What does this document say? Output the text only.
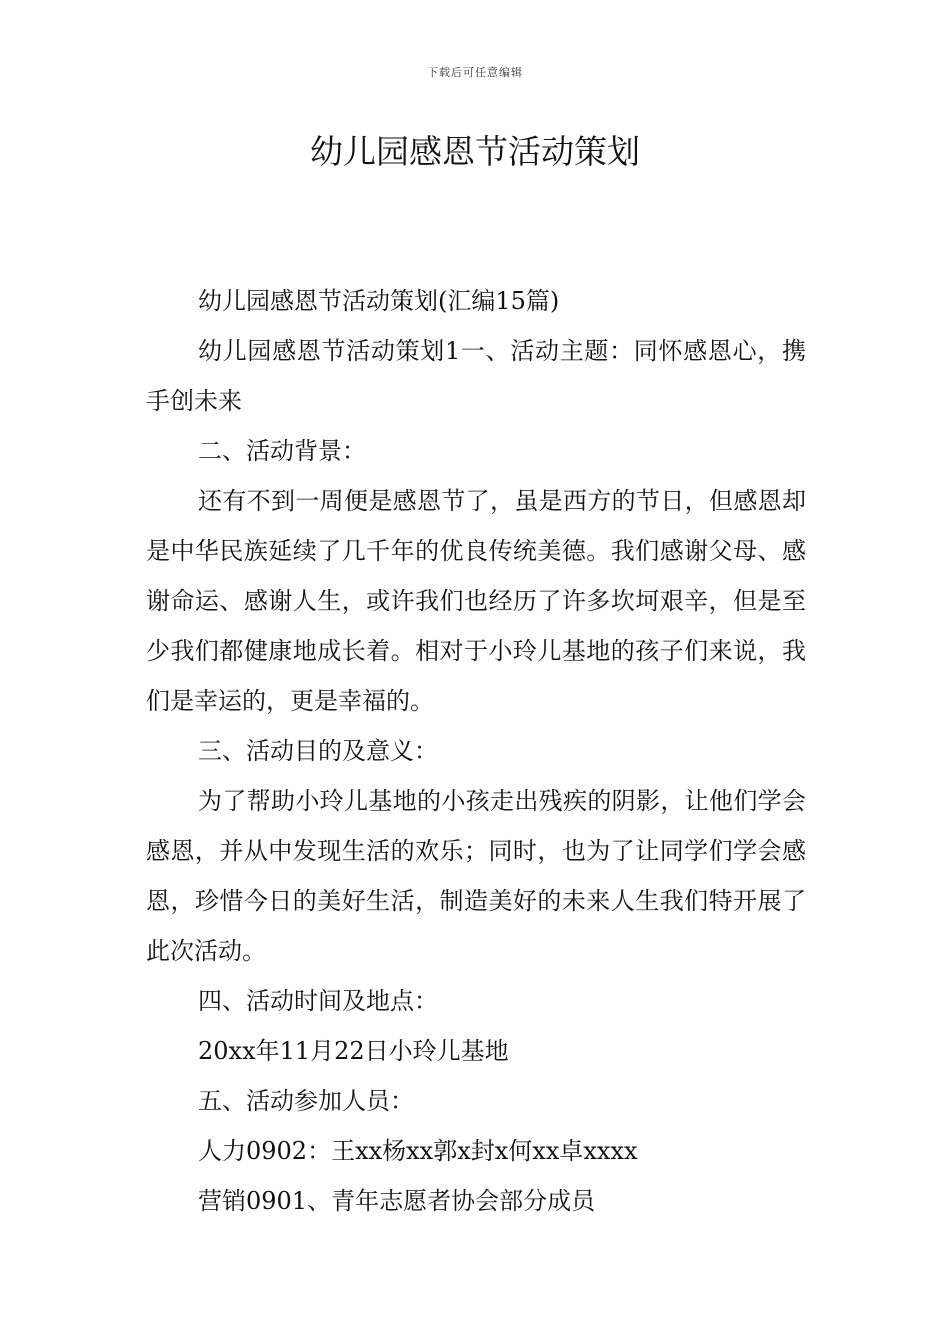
下载后可任意编辑
幼儿园感恩节活动策划

幼儿园感恩节活动策划(汇编15篇)

幼儿园感恩节活动策划1一、活动主题：同怀感恩心，携手创未来

二、活动背景：

还有不到一周便是感恩节了，虽是西方的节日，但感恩却是中华民族延续了几千年的优良传统美德。我们感谢父母、感谢命运、感谢人生，或许我们也经历了许多坎坷艰辛，但是至少我们都健康地成长着。相对于小玲儿基地的孩子们来说，我们是幸运的，更是幸福的。

三、活动目的及意义：

为了帮助小玲儿基地的小孩走出残疾的阴影，让他们学会感恩，并从中发现生活的欢乐；同时，也为了让同学们学会感恩，珍惜今日的美好生活，制造美好的未来人生我们特开展了此次活动。

四、活动时间及地点：

20xx年11月22日小玲儿基地

五、活动参加人员：

人力0902：王xx杨xx郭x封x何xx卓xxxx

营销0901、青年志愿者协会部分成员
